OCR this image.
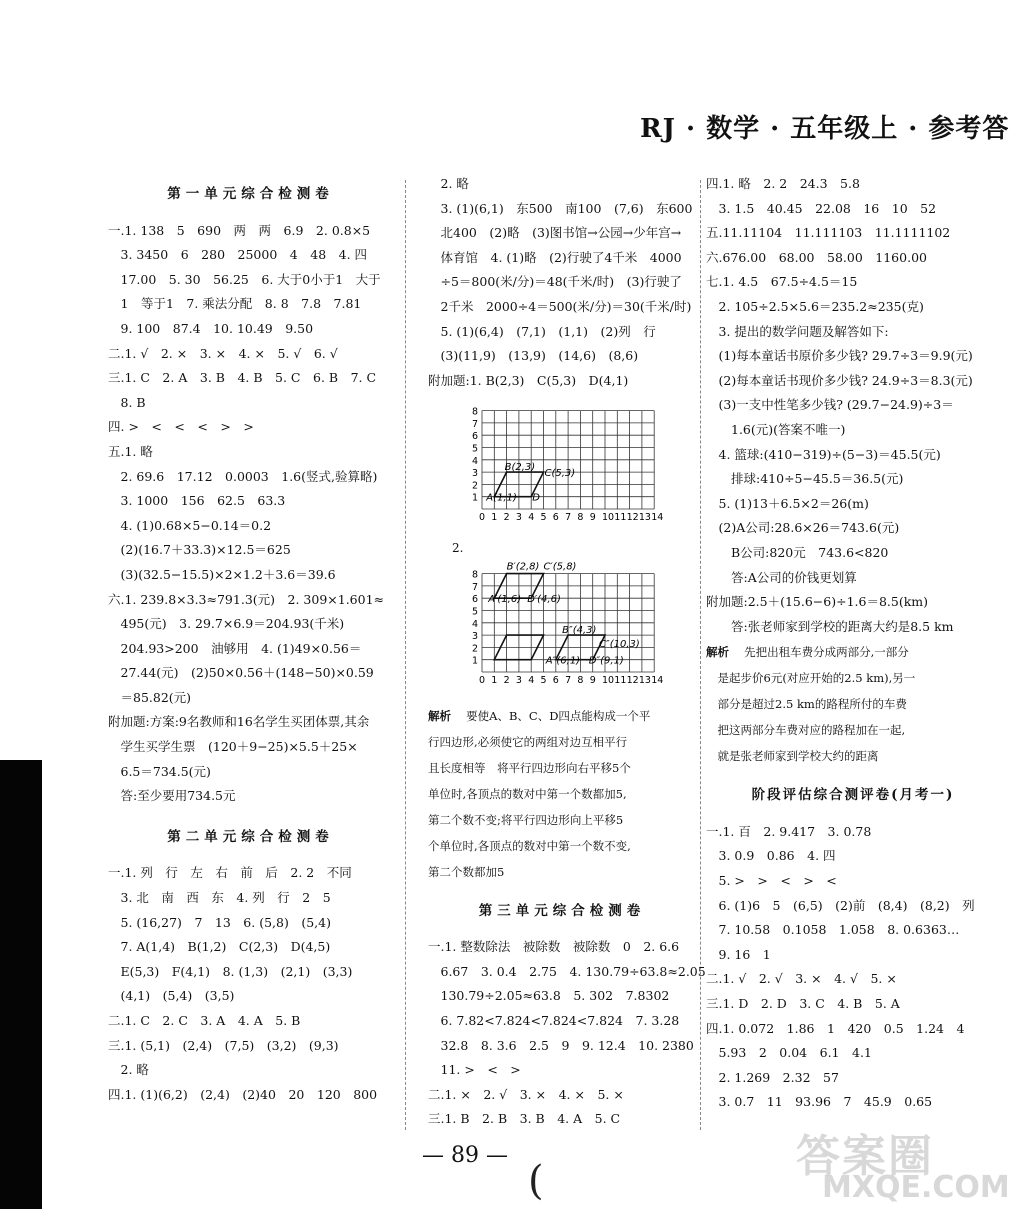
RJ · 数学 · 五年级上 · 参考答
第一单元综合检测卷
一.1. 138　5　690　两　两　6.9　2. 0.8×5
　3. 3450　6　280　25000　4　48　4. 四
　17.00　5. 30　56.25　6. 大于0小于1　大于
　1　等于1　7. 乘法分配　8. 8　7.8　7.81
　9. 100　87.4　10. 10.49　9.50
二.1. √　2. ×　3. ×　4. ×　5. √　6. √
三.1. C　2. A　3. B　4. B　5. C　6. B　7. C
　8. B
四. >　<　<　<　>　>
五.1. 略
　2. 69.6　17.12　0.0003　1.6(竖式,验算略)
　3. 1000　156　62.5　63.3
　4. (1)0.68×5−0.14＝0.2
　(2)(16.7＋33.3)×12.5＝625
　(3)(32.5−15.5)×2×1.2＋3.6＝39.6
六.1. 239.8×3.3≈791.3(元)　2. 309×1.601≈
　495(元)　3. 29.7×6.9＝204.93(千米)
　204.93>200　油够用　4. (1)49×0.56＝
　27.44(元)　(2)50×0.56＋(148−50)×0.59
　＝85.82(元)
附加题:方案:9名教师和16名学生买团体票,其余
　学生买学生票　(120＋9−25)×5.5＋25×
　6.5＝734.5(元)
　答:至少要用734.5元
第二单元综合检测卷
一.1. 列　行　左　右　前　后　2. 2　不同
　3. 北　南　西　东　4. 列　行　2　5
　5. (16,27)　7　13　6. (5,8)　(5,4)
　7. A(1,4)　B(1,2)　C(2,3)　D(4,5)
　E(5,3)　F(4,1)　8. (1,3)　(2,1)　(3,3)
　(4,1)　(5,4)　(3,5)
二.1. C　2. C　3. A　4. A　5. B
三.1. (5,1)　(2,4)　(7,5)　(3,2)　(9,3)
　2. 略
四.1. (1)(6,2)　(2,4)　(2)40　20　120　800
　2. 略
　3. (1)(6,1)　东500　南100　(7,6)　东600
　北400　(2)略　(3)图书馆→公园→少年宫→
　体育馆　4. (1)略　(2)行驶了4千米　4000
　÷5＝800(米/分)＝48(千米/时)　(3)行驶了
　2千米　2000÷4＝500(米/分)＝30(千米/时)
　5. (1)(6,4)　(7,1)　(1,1)　(2)列　行
　(3)(11,9)　(13,9)　(14,6)　(8,6)
附加题:1. B(2,3)　C(5,3)　D(4,1)
0 1 2 3 4 5 6 7 8 9 10 11 12 13 14
1
2
3
4
5
6
7
8
B(2,3)
C(5,3)
A(1,1) D
2.
0 1 2 3 4 5 6 7 8 9 10 11 12 13 14
1
2
3
4
5
6
7
8
B′(2,8) C′(5,8)
A′(1,6) D′(4,6)
B″(4,3)
C″(10,3)
A″(6,1) D″(9,1)
解析 　要使A、B、C、D四点能构成一个平
行四边形,必须使它的两组对边互相平行
且长度相等　将平行四边形向右平移5个
单位时,各顶点的数对中第一个数都加5,
第二个数不变;将平行四边形向上平移5
个单位时,各顶点的数对中第一个数不变,
第二个数都加5
第三单元综合检测卷
一.1. 整数除法　被除数　被除数　0　2. 6.6
　6.67　3. 0.4　2.75　4. 130.79÷63.8≈2.05
　130.79÷2.05≈63.8　5. 302　7.8302
　6. 7.82<7.824<7.824<7.824　7. 3.28
　32.8　8. 3.6　2.5　9　9. 12.4　10. 2380
　11. >　<　>
二.1. ×　2. √　3. ×　4. ×　5. ×
三.1. B　2. B　3. B　4. A　5. C
四.1. 略　2. 2　24.3　5.8
　3. 1.5　40.45　22.08　16　10　52
五.11.11104　11.111103　11.1111102
六.676.00　68.00　58.00　1160.00
七.1. 4.5　67.5÷4.5＝15
　2. 105÷2.5×5.6＝235.2≈235(克)
　3. 提出的数学问题及解答如下:
　(1)每本童话书原价多少钱? 29.7÷3＝9.9(元)
　(2)每本童话书现价多少钱? 24.9÷3＝8.3(元)
　(3)一支中性笔多少钱? (29.7−24.9)÷3＝
　　1.6(元)(答案不唯一)
　4. 篮球:(410−319)÷(5−3)＝45.5(元)
　　排球:410÷5−45.5＝36.5(元)
　5. (1)13＋6.5×2＝26(m)
　(2)A公司:28.6×26＝743.6(元)
　　B公司:820元　743.6<820
　　答:A公司的价钱更划算
附加题:2.5＋(15.6−6)÷1.6＝8.5(km)
　　答:张老师家到学校的距离大约是8.5 km
解析 　先把出租车费分成两部分,一部分
　是起步价6元(对应开始的2.5 km),另一
　部分是超过2.5 km的路程所付的车费　
　把这两部分车费对应的路程加在一起,
　就是张老师家到学校大约的距离
阶段评估综合测评卷(月考一)
一.1. 百　2. 9.417　3. 0.78
　3. 0.9　0.86　4. 四
　5. >　>　<　>　<
　6. (1)6　5　(6,5)　(2)前　(8,4)　(8,2)　列
　7. 10.58　0.1058　1.058　8. 0.6363…
　9. 16　1
二.1. √　2. √　3. ×　4. √　5. ×
三.1. D　2. D　3. C　4. B　5. A
四.1. 0.072　1.86　1　420　0.5　1.24　4
　5.93　2　0.04　6.1　4.1
　2. 1.269　2.32　57
　3. 0.7　11　93.96　7　45.9　0.65
— 89 —
(	答案圈
MXQE.COM
